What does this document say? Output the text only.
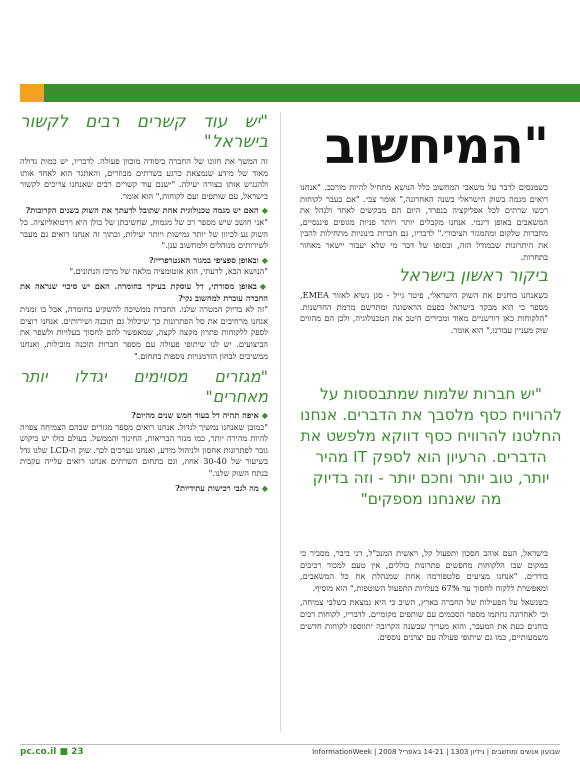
"המיחשוב

כשמנסים לדבר על משאבי המחשוב כלל הנושא מתחיל להיות מורכב. "אנחנו רואים מגמה בשוק הישראלי בשנה האחרונה," אומר צבי. "אם בעבר לקוחות רכשו שרתים לכל אפליקציה בנפרד, היום הם מבקשים לאחד ולנהל את המשאבים באופן דינמי. אנחנו מקבלים יותר ויותר פניות מגופים פיננסיים, מחברות טלקום ומהמגזר הציבורי." לדבריו, גם חברות בינוניות מתחילות להבין את היתרונות שבמודל הזה, ובסופו של דבר מי שלא יעבור יישאר מאחור בתחרות.

ביקור ראשון בישראל

כשאנחנו בוחנים את השוק הישראלי, פיטר גייל - סגן נשיא לאזור EMEA, מספר כי הוא מבקר בישראל בפעם הראשונה ומתרשם מרמת החדשנות. "הלקוחות כאן דורשניים מאוד ומכירים היטב את הטכנולוגיה, ולכן הם מהווים שוק מעניין עבורנו," הוא אומר.

"יש חברות שלמות שמתבססות על להרוויח כסף מלסבך את הדברים. אנחנו החלטנו להרוויח כסף דווקא מלפשט את הדברים. הרעיון הוא לספק IT מהיר יותר, טוב יותר וחכם יותר - וזה בדיוק מה שאנחנו מספקים"

בישראל, העם אוהב חסכון ותפעול קל, ראשית המנכ"ל, דני ביבר, מסביר כי במקום שבו הלקוחות מחפשים פתרונות כוללים, אין טעם למכור רכיבים בודדים. "אנחנו מציעים פלטפורמה אחת שמנהלת את כל המשאבים, ומאפשרת ללקוח לחסוך עד 67% בעלויות התפעול השוטפות," הוא מוסיף.

כשנשאל על הפעילות של החברה בארץ, השיב כי היא נמצאת בשלבי צמיחה, וכי לאחרונה נחתמו מספר הסכמים עם שותפים מקומיים. לדבריו, לקוחות רבים בוחנים כעת את המעבר, והוא מעריך שבשנה הקרובה יתווספו לקוחות חדשים משמעותיים, כמו גם שיתופי פעולה עם יצרנים נוספים.

"יש עוד קשרים רבים לקשור בישראל"

זה המשך את חזונו של החברה ביסודה מוכוון פעולה. לדבריו, יש כמות גדולה מאוד של מידע שנמצאת כרגע בשרתים מבוזרים, והאתגר הוא לאחד אותו ולהנגיש אותו בצורה יעילה. "ישנם עוד קשרים רבים שאנחנו צריכים לקשור בישראל, עם שותפים ועם לקוחות," הוא אומר.

◆האם יש מגמה טכנולוגית אחת שתובל לדעתך את השוק בשנים הקרובות?

"אני חושב שיש מספר רב של מגמות, שחשיבתן של כולן היא וירטואליזציה. כל השוק נע לכיוון של יותר גמישות ויותר יעילות, ובתוך זה אנחנו רואים גם מעבר לשירותים מנוהלים ולמחשוב ענן."

◆ובאופן ספציפי במגזר האנטרפרייז?

"הנושא הבא, לדעתי, הוא אוטומציה מלאה של מרכז הנתונים."

◆באופן מסורתי, דל עוסקת בעיקר בחומרה. האם יש סיכוי שנראה את החברה עוברת למחשוב נקי?

"זה לא בדיוק המטרה שלנו. החברה ממשיכה להשקיע בחומרה, אבל בו זמנית אנחנו מרחיבים את סל הפתרונות כך שיכלול גם תוכנה ושירותים. אנחנו רוצים לספק ללקוחות פתרון מקצה לקצה, שמאפשר להם לחסוך בעלויות ולשפר את הביצועים. יש לנו שיתופי פעולה עם מספר חברות תוכנה מובילות, ואנחנו ממשיכים לבחון הזדמנויות נוספות בתחום."

"מגזרים מסוימים יגדלו יותר מאחרים"
◆איפה תהיה דל בעוד חמש שנים מהיום?

"כמובן שאנחנו נמשיך לגדול. אנחנו רואים מספר מגזרים שבהם הצמיחה צפויה להיות מהירה יותר, כמו מגזר הבריאות, החינוך והממשל. בעולם כולו יש ביקוש גובר לפתרונות אחסון ולניהול מידע, ואנחנו נערכים לכך. שוק ה-LCD שלנו גדל בשיעור של 30-40 אחוז, וגם בתחום השרתים אנחנו רואים עלייה עקבית בנתח השוק שלנו."

◆מה לגבי רכישות עתידיות?
23 ■ pc.co.il	שבועון אנשים ומחשבים | גיליון 1303 | 14-21 באפריל 2008 | InformationWeek
